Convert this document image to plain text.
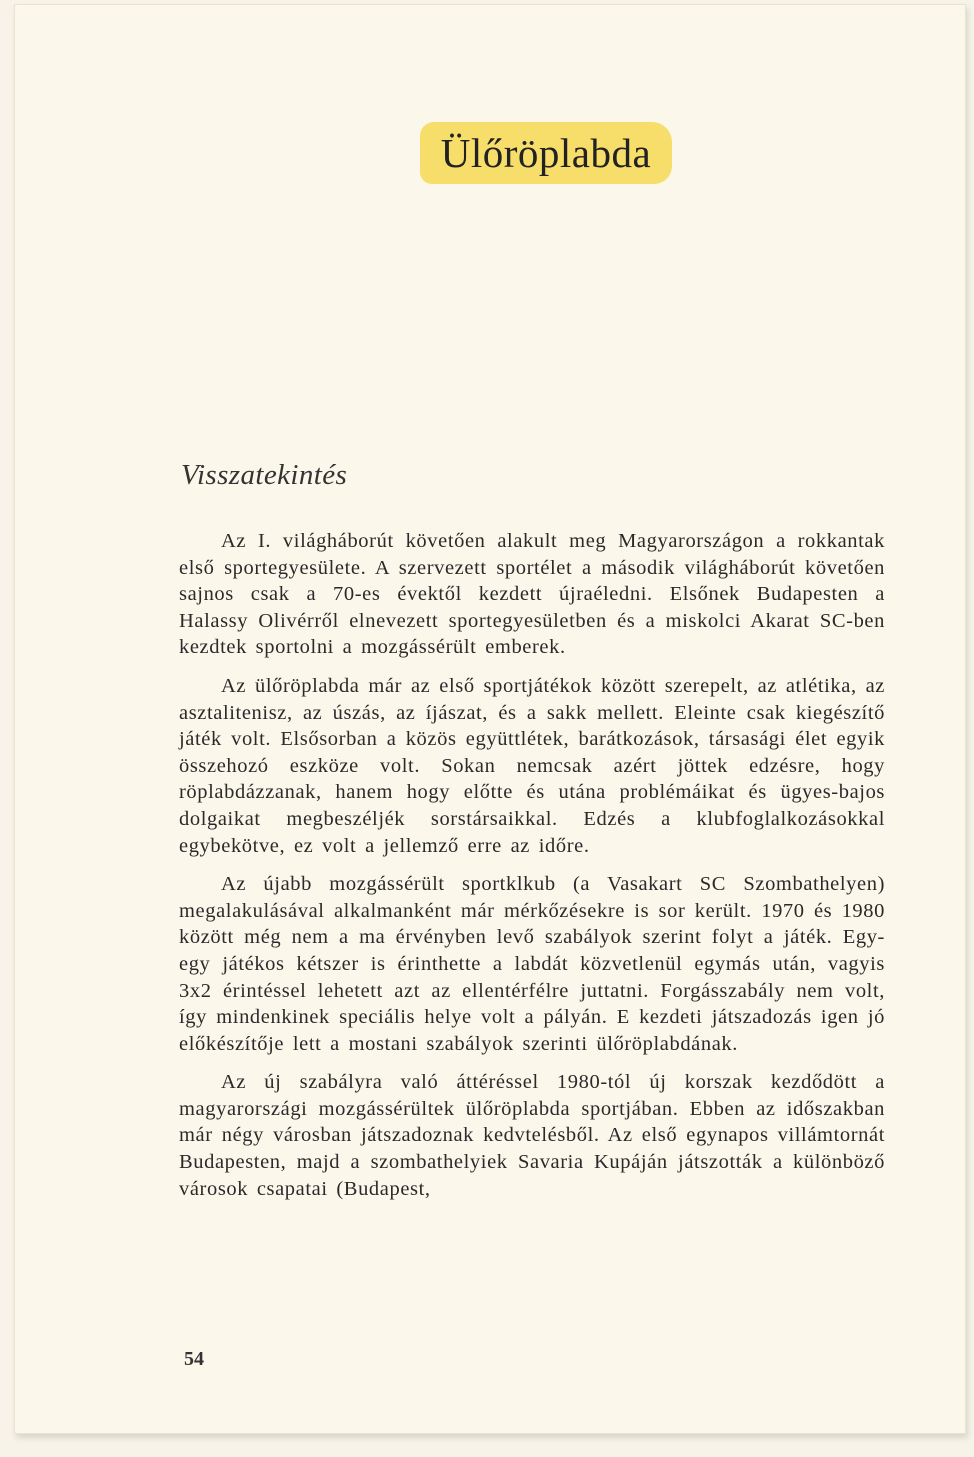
Ülőröplabda
Visszatekintés

Az I. világháborút követően alakult meg Magyarországon a rokkantak első sportegyesülete. A szervezett sportélet a második világháborút követően sajnos csak a 70-es évektől kezdett újraéledni. Elsőnek Budapesten a Halassy Olivérről elnevezett sportegyesületben és a miskolci Akarat SC-ben kezdtek sportolni a mozgássérült emberek.

Az ülőröplabda már az első sportjátékok között szerepelt, az atlétika, az asztalitenisz, az úszás, az íjászat, és a sakk mellett. Eleinte csak kiegészítő játék volt. Elsősorban a közös együttlétek, barátkozások, társasági élet egyik összehozó eszköze volt. Sokan nemcsak azért jöttek edzésre, hogy röplabdázzanak, hanem hogy előtte és utána problémáikat és ügyes-bajos dolgaikat megbeszéljék sorstársaikkal. Edzés a klubfoglalkozásokkal egybekötve, ez volt a jellemző erre az időre.

Az újabb mozgássérült sportklkub (a Vasakart SC Szombathelyen) megalakulásával alkalmanként már mérkőzésekre is sor került. 1970 és 1980 között még nem a ma érvényben levő szabályok szerint folyt a játék. Egy-egy játékos kétszer is érinthette a labdát közvetlenül egymás után, vagyis 3x2 érintéssel lehetett azt az ellentérfélre juttatni. Forgásszabály nem volt, így mindenkinek speciális helye volt a pályán. E kezdeti játszadozás igen jó előkészítője lett a mostani szabályok szerinti ülőröplabdának.

Az új szabályra való áttéréssel 1980-tól új korszak kezdődött a magyarországi mozgássérültek ülőröplabda sportjában. Ebben az időszakban már négy városban játszadoznak kedvtelésből. Az első egynapos villámtornát Budapesten, majd a szombathelyiek Savaria Kupáján játszották a különböző városok csapatai (Budapest,

54
